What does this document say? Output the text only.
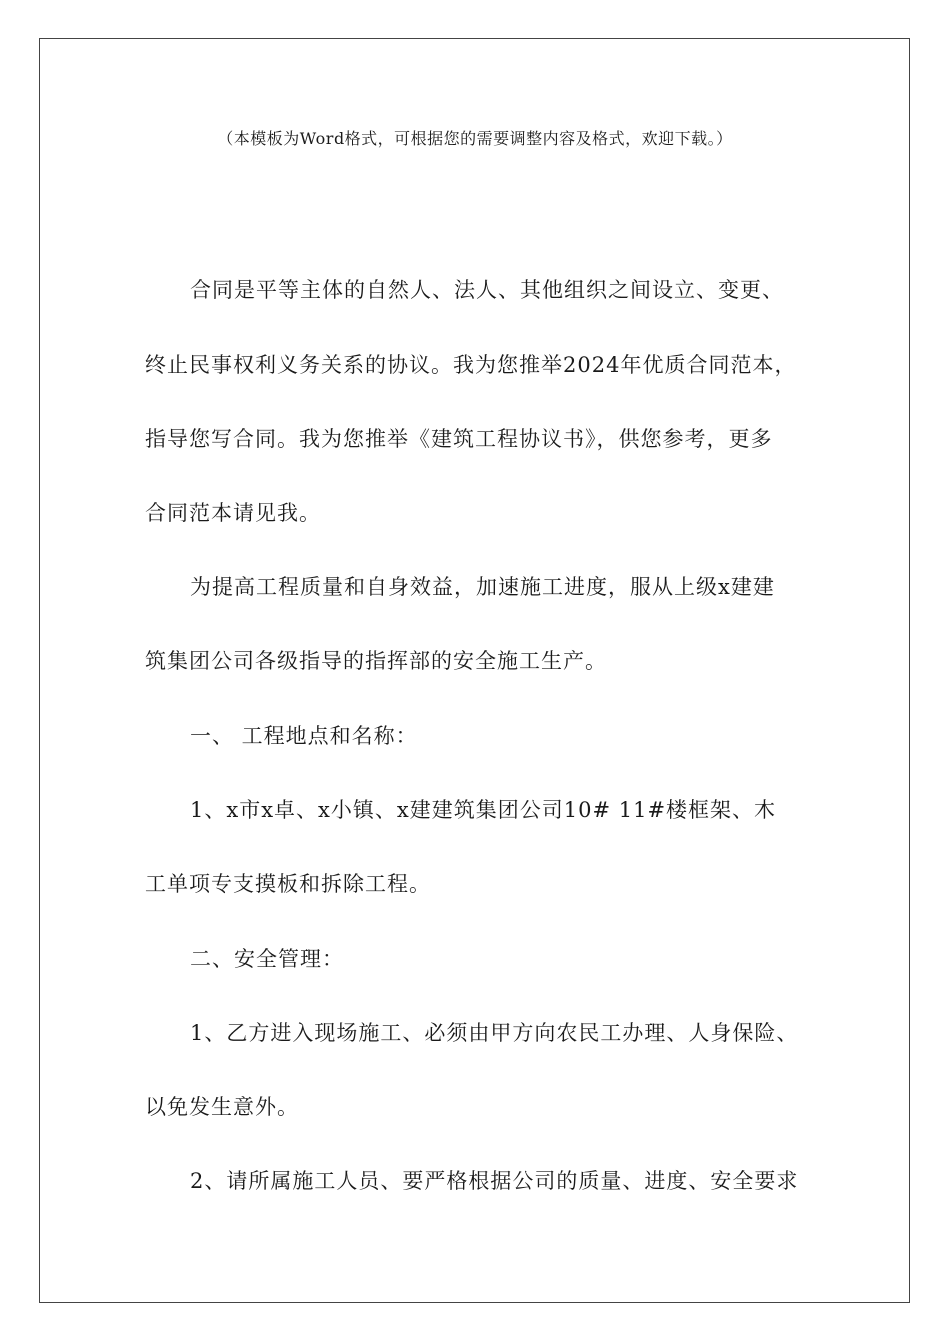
（本模板为Word格式，可根据您的需要调整内容及格式，欢迎下载。）
合同是平等主体的自然人、法人、其他组织之间设立、变更、
终止民事权利义务关系的协议。我为您推举2024年优质合同范本，
指导您写合同。我为您推举《建筑工程协议书》，供您参考，更多
合同范本请见我。
为提高工程质量和自身效益，加速施工进度，服从上级x建建
筑集团公司各级指导的指挥部的安全施工生产。
一、 工程地点和名称：
1、x市x卓、x小镇、x建建筑集团公司10# 11#楼框架、木
工单项专支摸板和拆除工程。
二、安全管理：
1、乙方进入现场施工、必须由甲方向农民工办理、人身保险、
以免发生意外。
2、请所属施工人员、要严格根据公司的质量、进度、安全要求
